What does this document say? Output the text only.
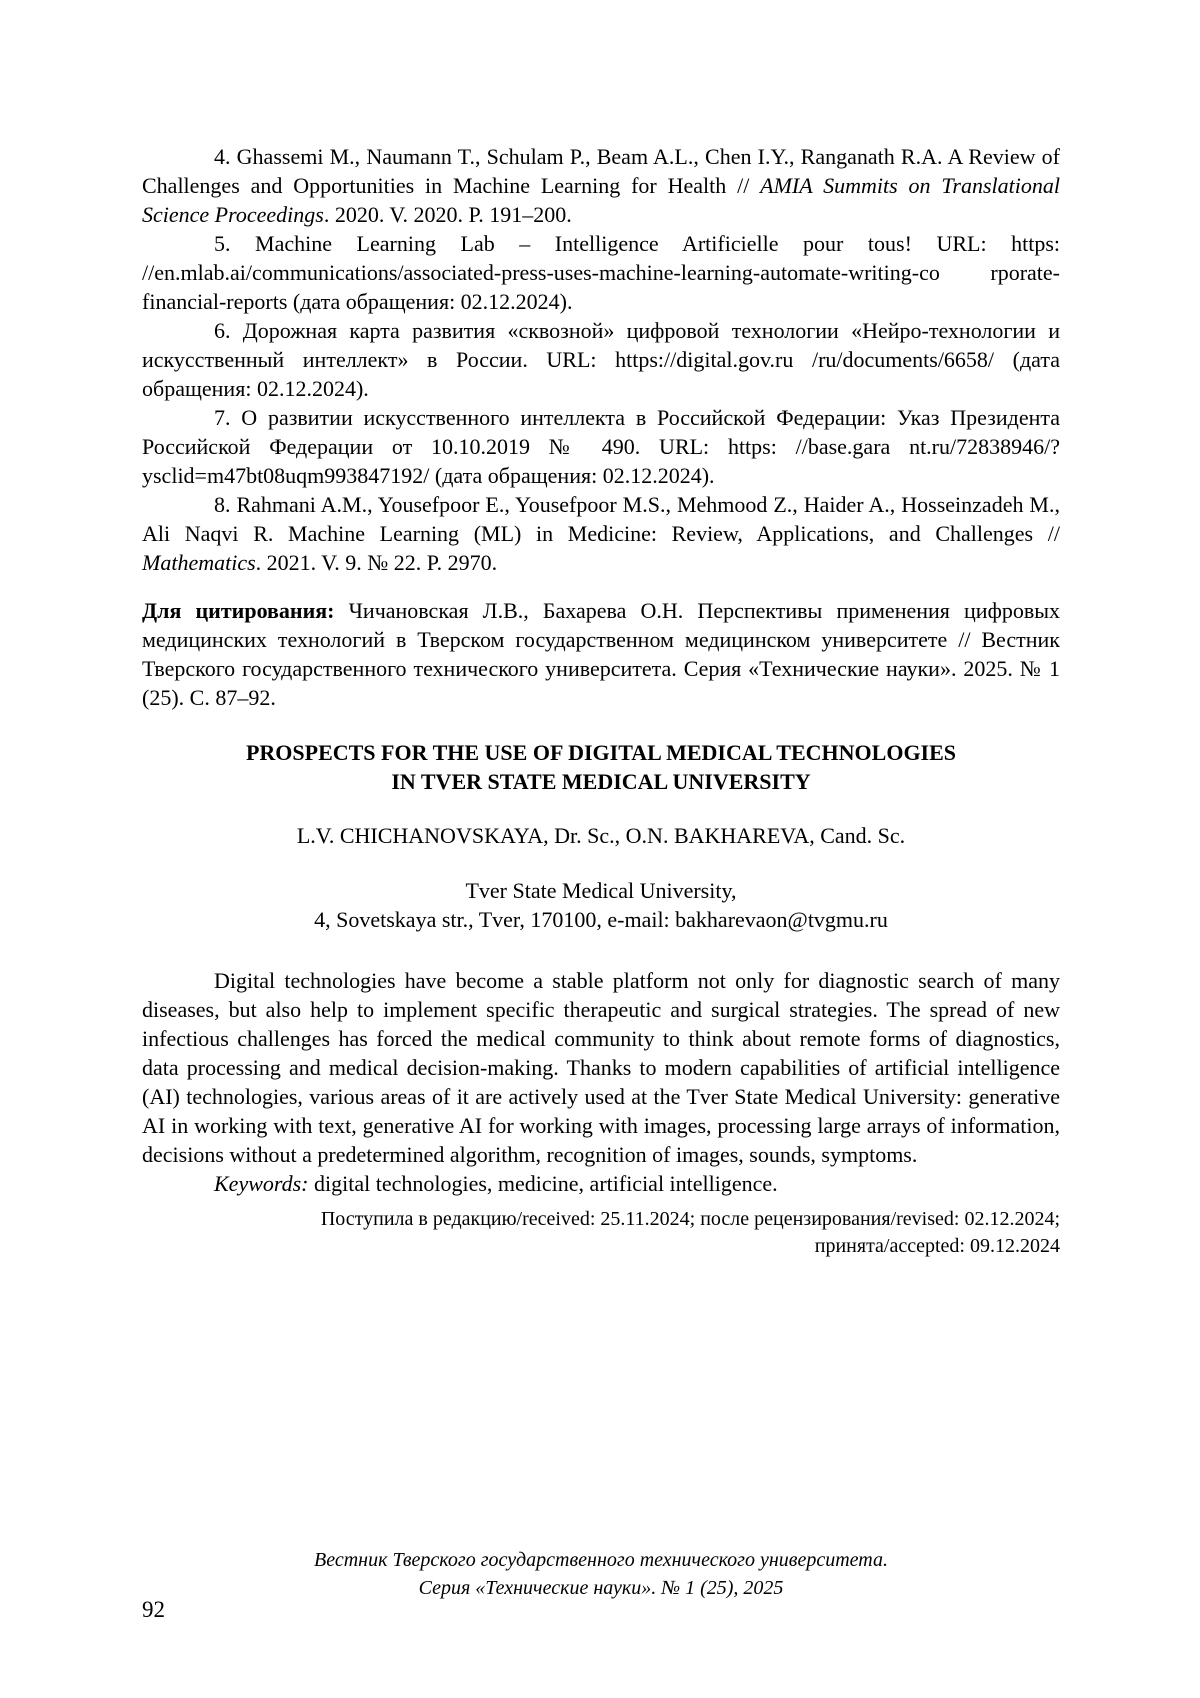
4. Ghassemi M., Naumann T., Schulam P., Beam A.L., Chen I.Y., Ranganath R.A. A Review of Challenges and Opportunities in Machine Learning for Health // AMIA Summits on Translational Science Proceedings. 2020. V. 2020. P. 191–200.

5. Machine Learning Lab – Intelligence Artificielle pour tous! URL: https: //en.mlab.ai/communications/associated-press-uses-machine-learning-automate-writing-co rporate-financial-reports (дата обращения: 02.12.2024).

6. Дорожная карта развития «сквозной» цифровой технологии «Нейро-технологии и искусственный интеллект» в России. URL: https://digital.gov.ru /ru/documents/6658/ (дата обращения: 02.12.2024).

7. О развитии искусственного интеллекта в Российской Федерации: Указ Президента Российской Федерации от 10.10.2019 № 490. URL: https: //base.gara nt.ru/72838946/?ysclid=m47bt08uqm993847192/ (дата обращения: 02.12.2024).

8. Rahmani A.M., Yousefpoor E., Yousefpoor M.S., Mehmood Z., Haider A., Hosseinzadeh M., Ali Naqvi R. Machine Learning (ML) in Medicine: Review, Applications, and Challenges // Mathematics. 2021. V. 9. № 22. P. 2970.

Для цитирования: Чичановская Л.В., Бахарева О.Н. Перспективы применения цифровых медицинских технологий в Тверском государственном медицинском университете // Вестник Тверского государственного технического университета. Серия «Технические науки». 2025. № 1 (25). С. 87–92.

PROSPECTS FOR THE USE OF DIGITAL MEDICAL TECHNOLOGIES
IN TVER STATE MEDICAL UNIVERSITY

L.V. CHICHANOVSKAYA, Dr. Sc., O.N. BAKHAREVA, Cand. Sc.

Tver State Medical University,
4, Sovetskaya str., Tver, 170100, e-mail: bakharevaon@tvgmu.ru

Digital technologies have become a stable platform not only for diagnostic search of many diseases, but also help to implement specific therapeutic and surgical strategies. The spread of new infectious challenges has forced the medical community to think about remote forms of diagnostics, data processing and medical decision-making. Thanks to modern capabilities of artificial intelligence (AI) technologies, various areas of it are actively used at the Tver State Medical University: generative AI in working with text, generative AI for working with images, processing large arrays of information, decisions without a predetermined algorithm, recognition of images, sounds, symptoms.

Keywords: digital technologies, medicine, artificial intelligence.

Поступила в редакцию/received: 25.11.2024; после рецензирования/revised: 02.12.2024;
принята/accepted: 09.12.2024
Вестник Тверского государственного технического университета.
Серия «Технические науки». № 1 (25), 2025
92
